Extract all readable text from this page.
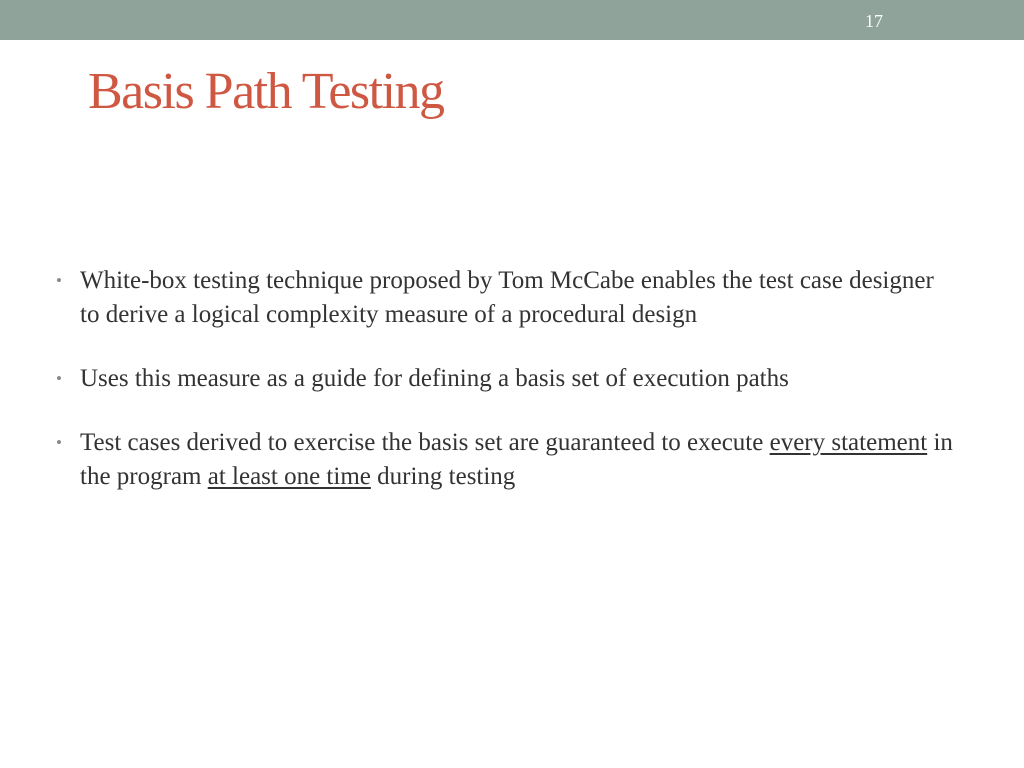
17
Basis Path Testing
• White-box testing technique proposed by Tom McCabe enables the test case designer to derive a logical complexity measure of a procedural design
• Uses this measure as a guide for defining a basis set of execution paths
• Test cases derived to exercise the basis set are guaranteed to execute every statement in the program at least one time during testing
